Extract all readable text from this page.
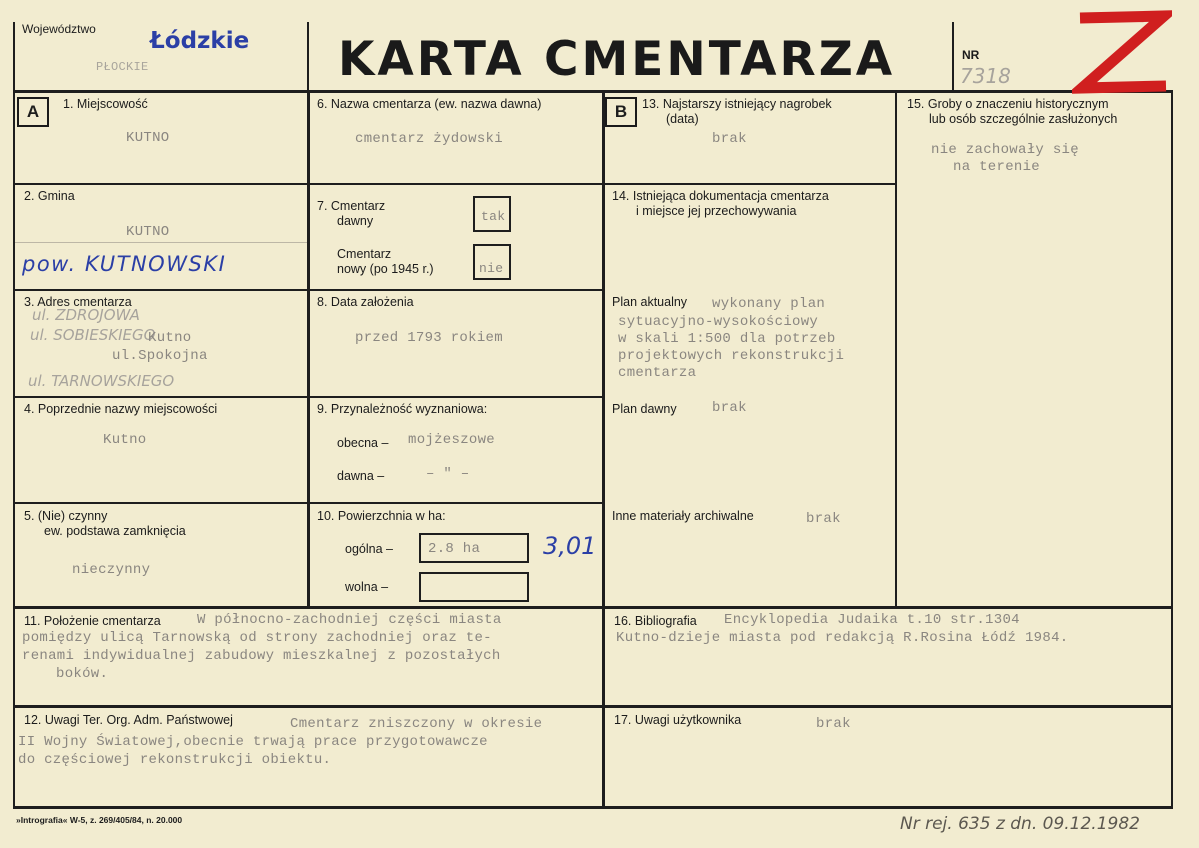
Województwo Łódzkie
PŁOCKIE	KARTA CMENTARZA	NR
7318
A	B
1. Miejscowość
KUTNO
2. Gmina
KUTNO
pow. KUTNOWSKI
3. Adres cmentarza
ul. ZDROJOWA
ul. SOBIESKIEGO
Kutno
ul.Spokojna
ul. TARNOWSKIEGO
4. Poprzednie nazwy miejscowości
Kutno
5. (Nie) czynny
ew. podstawa zamknięcia
nieczynny
6. Nazwa cmentarza (ew. nazwa dawna)
cmentarz żydowski
7. Cmentarz
dawny	tak
Cmentarz
nowy (po 1945 r.)	nie
8. Data założenia
przed 1793 rokiem
9. Przynależność wyznaniowa:
obecna – mojżeszowe
dawna –	– " –
10. Powierzchnia w ha:
ogólna –	2.8 ha	3,01
wolna –
11. Położenie cmentarza	W północno-zachodniej części miasta
pomiędzy ulicą Tarnowską od strony zachodniej oraz te-
renami indywidualnej zabudowy mieszkalnej z pozostałych
boków.
12. Uwagi Ter. Org. Adm. Państwowej	Cmentarz zniszczony w okresie
II Wojny Światowej,obecnie trwają prace przygotowawcze
do częściowej rekonstrukcji obiektu.
13. Najstarszy istniejący nagrobek
(data)
brak
14. Istniejąca dokumentacja cmentarza
i miejsce jej przechowywania
Plan aktualny wykonany plan
sytuacyjno-wysokościowy
w skali 1:500 dla potrzeb
projektowych rekonstrukcji
cmentarza
Plan dawny	brak
Inne materiały archiwalne	brak
15. Groby o znaczeniu historycznym
lub osób szczególnie zasłużonych
nie zachowały się
na terenie
16. Bibliografia Encyklopedia Judaika t.10 str.1304
Kutno-dzieje miasta pod redakcją R.Rosina Łódź 1984.
17. Uwagi użytkownika	brak
»Intrografia« W-5, z. 269/405/84, n. 20.000	Nr rej. 635 z dn. 09.12.1982
